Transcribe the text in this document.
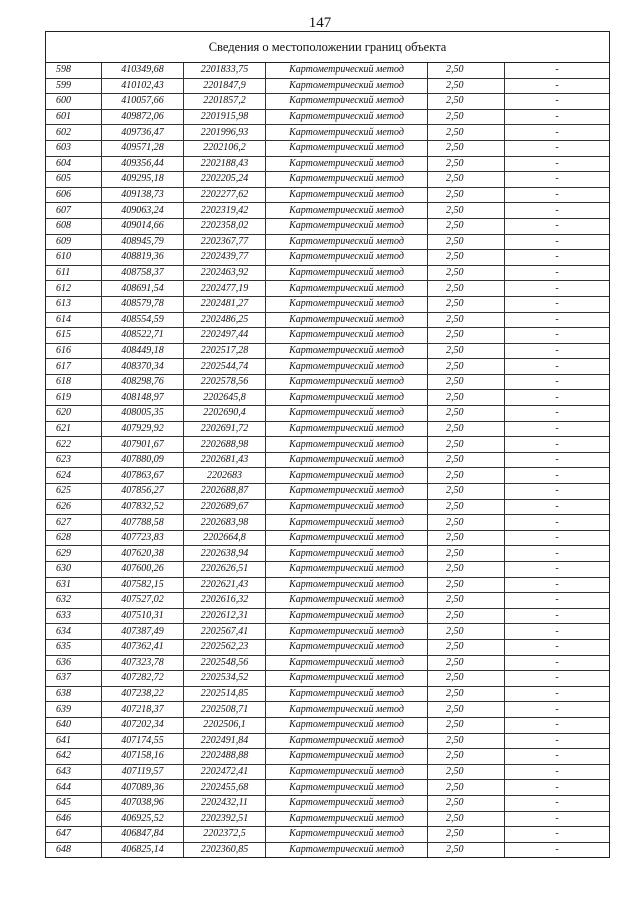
147
Сведения о местоположении границ объекта
598	410349,68	2201833,75	Картометрический метод	2,50	-
599	410102,43	2201847,9	Картометрический метод	2,50	-
600	410057,66	2201857,2	Картометрический метод	2,50	-
601	409872,06	2201915,98	Картометрический метод	2,50	-
602	409736,47	2201996,93	Картометрический метод	2,50	-
603	409571,28	2202106,2	Картометрический метод	2,50	-
604	409356,44	2202188,43	Картометрический метод	2,50	-
605	409295,18	2202205,24	Картометрический метод	2,50	-
606	409138,73	2202277,62	Картометрический метод	2,50	-
607	409063,24	2202319,42	Картометрический метод	2,50	-
608	409014,66	2202358,02	Картометрический метод	2,50	-
609	408945,79	2202367,77	Картометрический метод	2,50	-
610	408819,36	2202439,77	Картометрический метод	2,50	-
611	408758,37	2202463,92	Картометрический метод	2,50	-
612	408691,54	2202477,19	Картометрический метод	2,50	-
613	408579,78	2202481,27	Картометрический метод	2,50	-
614	408554,59	2202486,25	Картометрический метод	2,50	-
615	408522,71	2202497,44	Картометрический метод	2,50	-
616	408449,18	2202517,28	Картометрический метод	2,50	-
617	408370,34	2202544,74	Картометрический метод	2,50	-
618	408298,76	2202578,56	Картометрический метод	2,50	-
619	408148,97	2202645,8	Картометрический метод	2,50	-
620	408005,35	2202690,4	Картометрический метод	2,50	-
621	407929,92	2202691,72	Картометрический метод	2,50	-
622	407901,67	2202688,98	Картометрический метод	2,50	-
623	407880,09	2202681,43	Картометрический метод	2,50	-
624	407863,67	2202683	Картометрический метод	2,50	-
625	407856,27	2202688,87	Картометрический метод	2,50	-
626	407832,52	2202689,67	Картометрический метод	2,50	-
627	407788,58	2202683,98	Картометрический метод	2,50	-
628	407723,83	2202664,8	Картометрический метод	2,50	-
629	407620,38	2202638,94	Картометрический метод	2,50	-
630	407600,26	2202626,51	Картометрический метод	2,50	-
631	407582,15	2202621,43	Картометрический метод	2,50	-
632	407527,02	2202616,32	Картометрический метод	2,50	-
633	407510,31	2202612,31	Картометрический метод	2,50	-
634	407387,49	2202567,41	Картометрический метод	2,50	-
635	407362,41	2202562,23	Картометрический метод	2,50	-
636	407323,78	2202548,56	Картометрический метод	2,50	-
637	407282,72	2202534,52	Картометрический метод	2,50	-
638	407238,22	2202514,85	Картометрический метод	2,50	-
639	407218,37	2202508,71	Картометрический метод	2,50	-
640	407202,34	2202506,1	Картометрический метод	2,50	-
641	407174,55	2202491,84	Картометрический метод	2,50	-
642	407158,16	2202488,88	Картометрический метод	2,50	-
643	407119,57	2202472,41	Картометрический метод	2,50	-
644	407089,36	2202455,68	Картометрический метод	2,50	-
645	407038,96	2202432,11	Картометрический метод	2,50	-
646	406925,52	2202392,51	Картометрический метод	2,50	-
647	406847,84	2202372,5	Картометрический метод	2,50	-
648	406825,14	2202360,85	Картометрический метод	2,50	-
